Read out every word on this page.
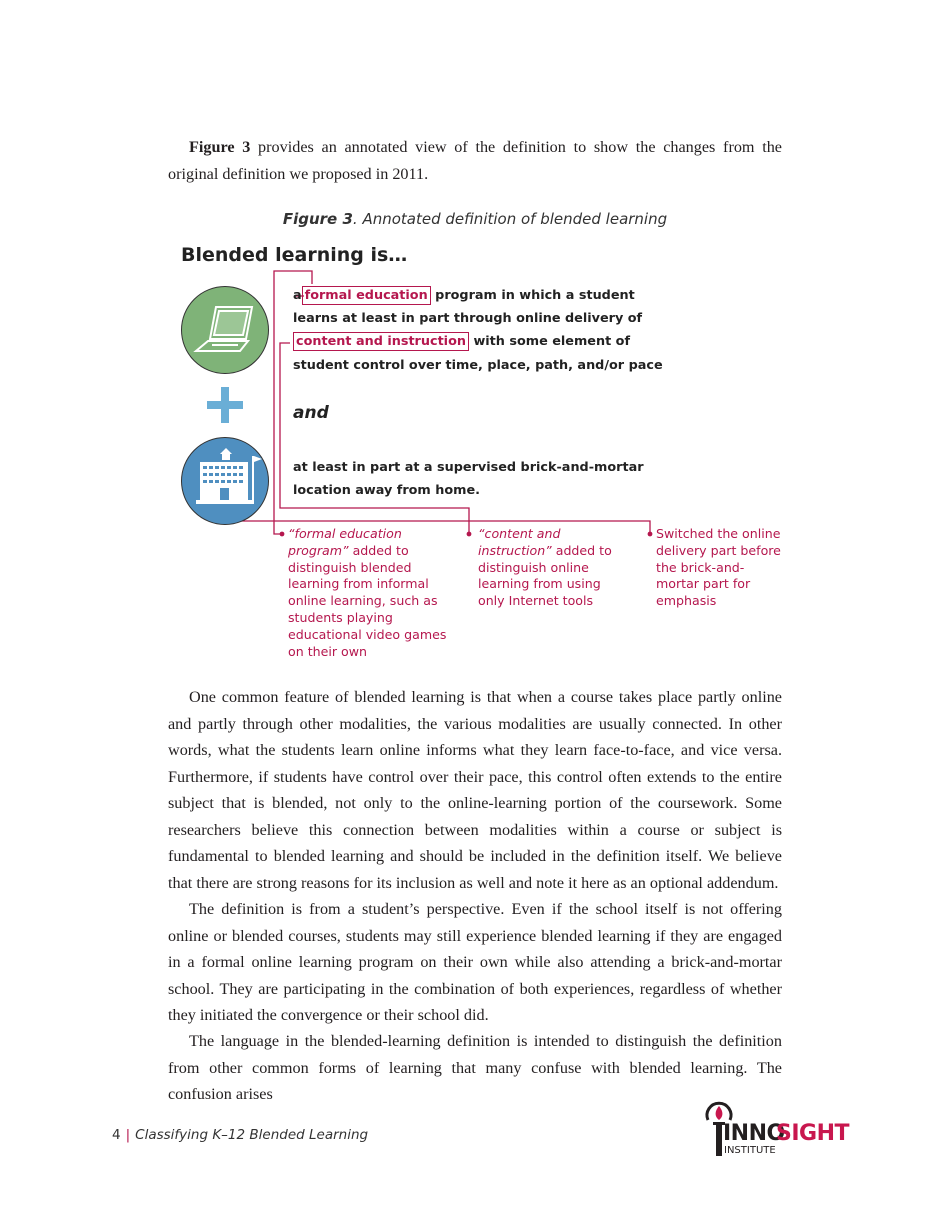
Figure 3 provides an annotated view of the definition to show the changes from the original definition we proposed in 2011.

Figure 3. Annotated definition of blended learning
Blended learning is…
a formal education program in which a student
learns at least in part through online delivery of
content and instruction with some element of
student control over time, place, path, and/or pace
and
at least in part at a supervised brick-and-mortar
location away from home.

“formal education program” added to distinguish blended learning from informal online learning, such as students playing educational video games on their own

“content and instruction” added to distinguish online learning from using only Internet tools

Switched the online delivery part before the brick-and-mortar part for emphasis

One common feature of blended learning is that when a course takes place partly online and partly through other modalities, the various modalities are usually connected. In other words, what the students learn online informs what they learn face-to-face, and vice versa. Furthermore, if students have control over their pace, this control often extends to the entire subject that is blended, not only to the online-learning portion of the coursework. Some researchers believe this connection between modalities within a course or subject is fundamental to blended learning and should be included in the definition itself. We believe that there are strong reasons for its inclusion as well and note it here as an optional addendum.

The definition is from a student’s perspective. Even if the school itself is not offering online or blended courses, students may still experience blended learning if they are engaged in a formal online learning program on their own while also attending a brick-and-mortar school. They are participating in the combination of both experiences, regardless of whether they initiated the convergence or their school did.

The language in the blended-learning definition is intended to distinguish the definition from other common forms of learning that many confuse with blended learning. The confusion arises

4 | Classifying K–12 Blended Learning	INNO
SIGHT
INSTITUTE
